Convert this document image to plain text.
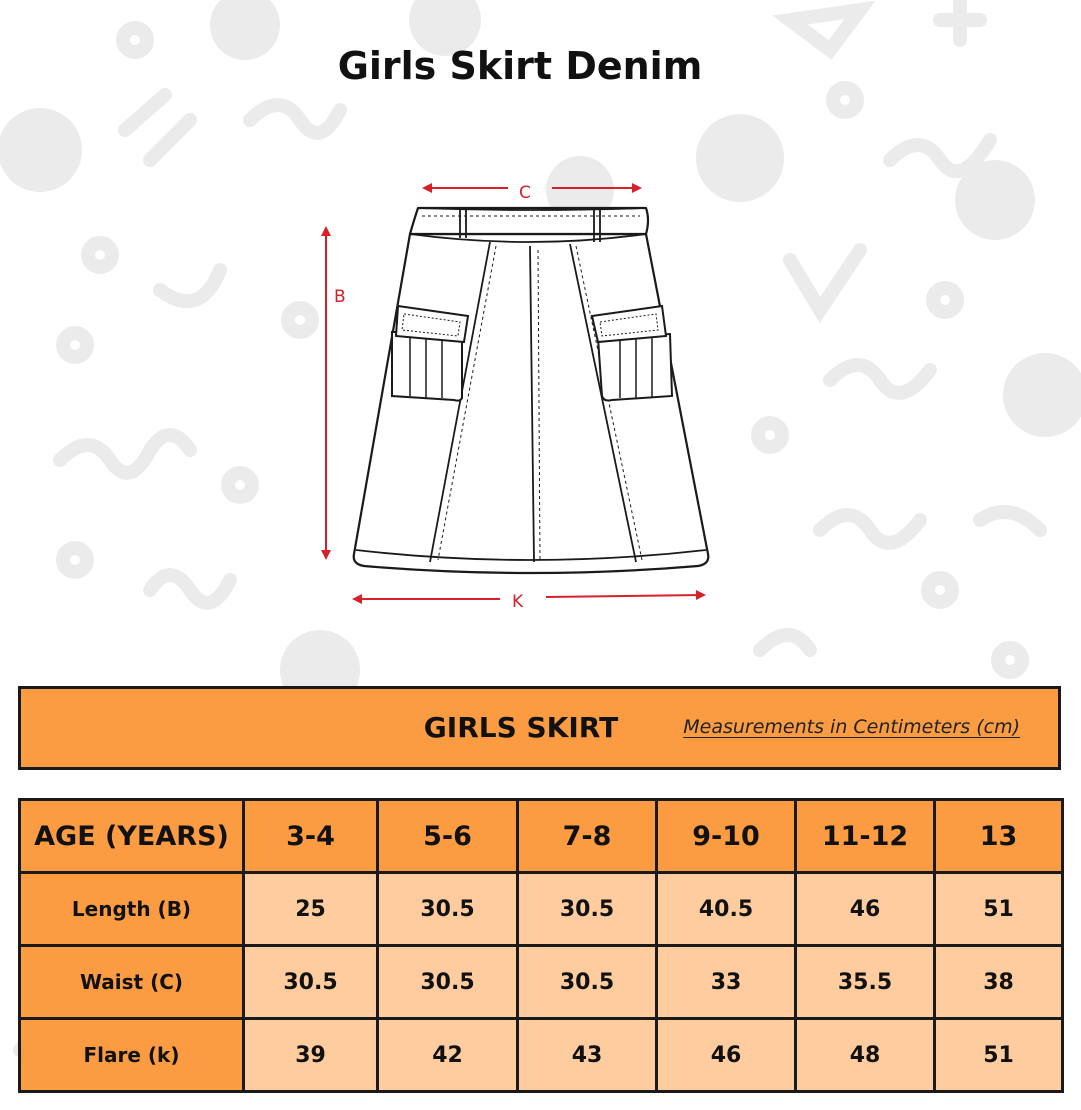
Girls Skirt Denim
C
B
K
GIRLS SKIRT	Measurements in Centimeters (cm)
AGE (YEARS)	3-4	5-6	7-8	9-10	11-12	13
Length (B)	25	30.5	30.5	40.5	46	51
Waist (C)	30.5	30.5	30.5	33	35.5	38
Flare (k)	39	42	43	46	48	51
